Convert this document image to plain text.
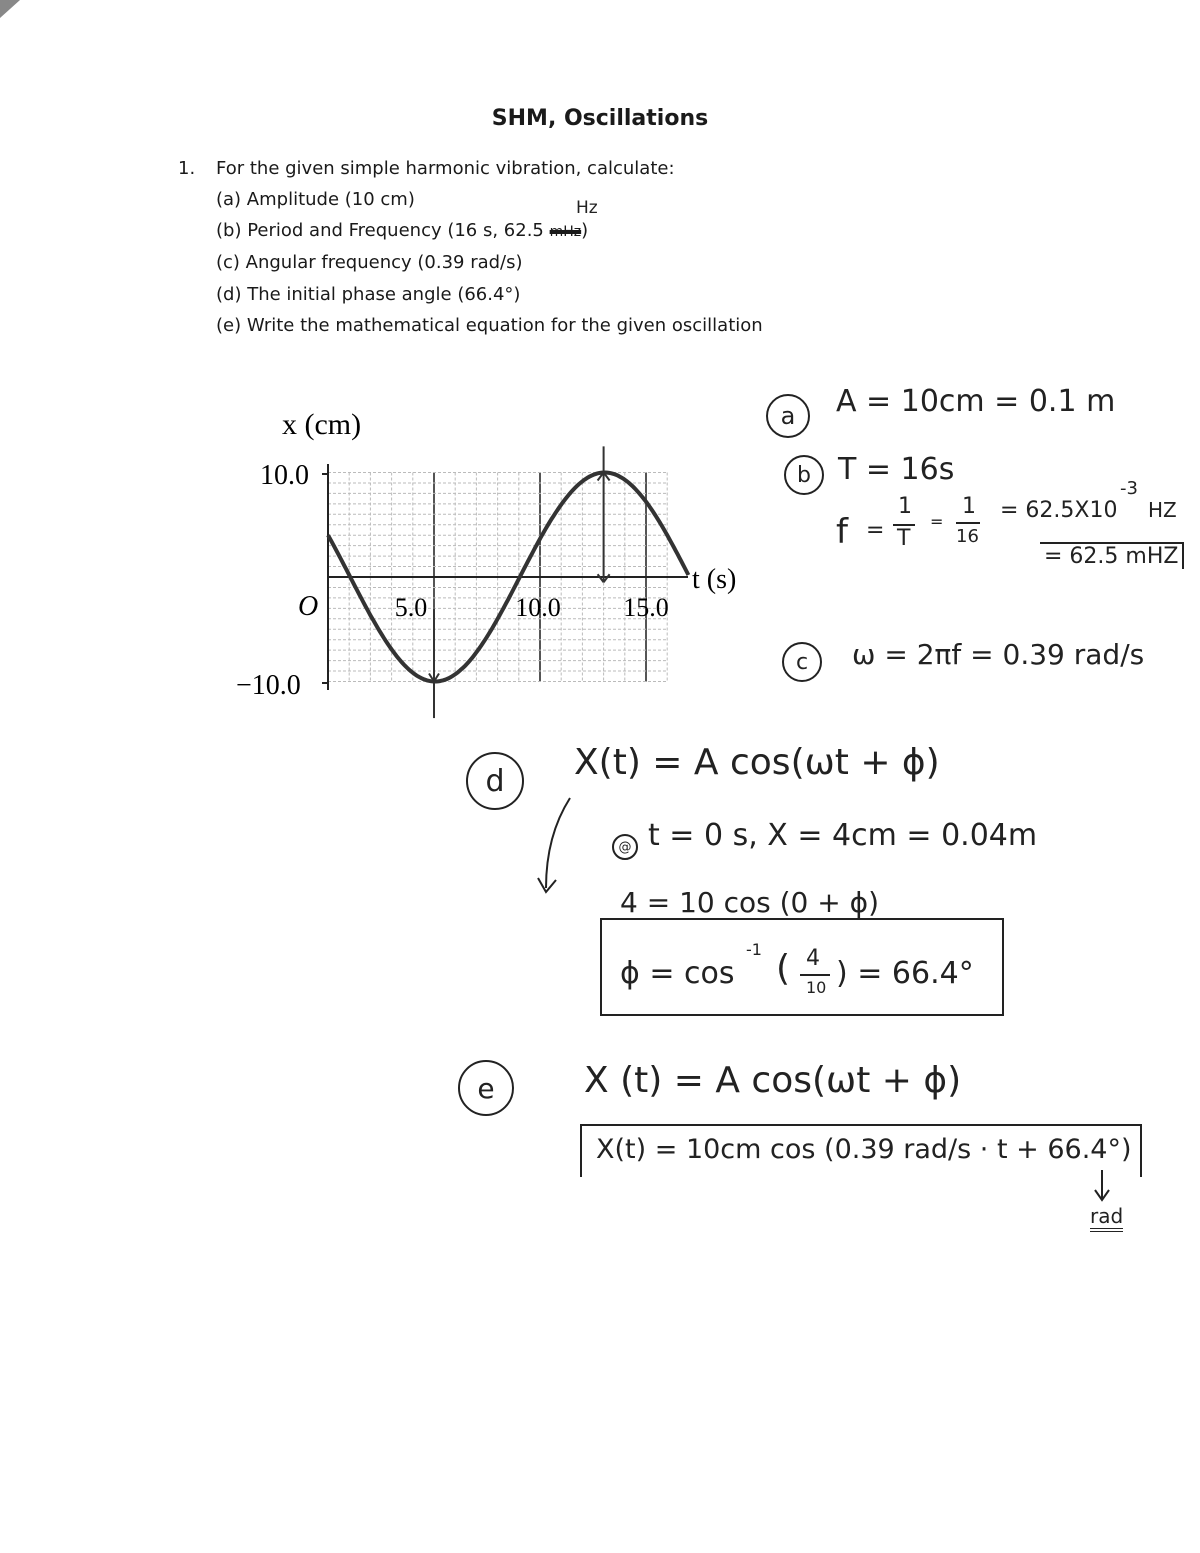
SHM, Oscillations
1. For the given simple harmonic vibration, calculate:
(a) Amplitude (10 cm)
(b) Period and Frequency (16 s, 62.5 mHz)
Hz
(c) Angular frequency (0.39 rad/s)
(d) The initial phase angle (66.4°)
(e) Write the mathematical equation for the given oscillation
x (cm)
10.0
−10.0
O	5.0	10.0 15.0
t (s)
a	A = 10cm = 0.1 m
b T = 16s
f =
1
T
=
1
16
= 62.5X10
-3
HZ
= 62.5 mHZ
c	ω = 2πf = 0.39 rad/s
d	X(t) = A cos(ωt + ϕ)
@ t = 0 s, X = 4cm = 0.04m
4 = 10 cos (0 + ϕ)
ϕ = cos
-1 ( 4
10 ) = 66.4°
e	X (t) = A cos(ωt + ϕ)
X(t) = 10cm cos (0.39 rad/s · t + 66.4°)
rad
